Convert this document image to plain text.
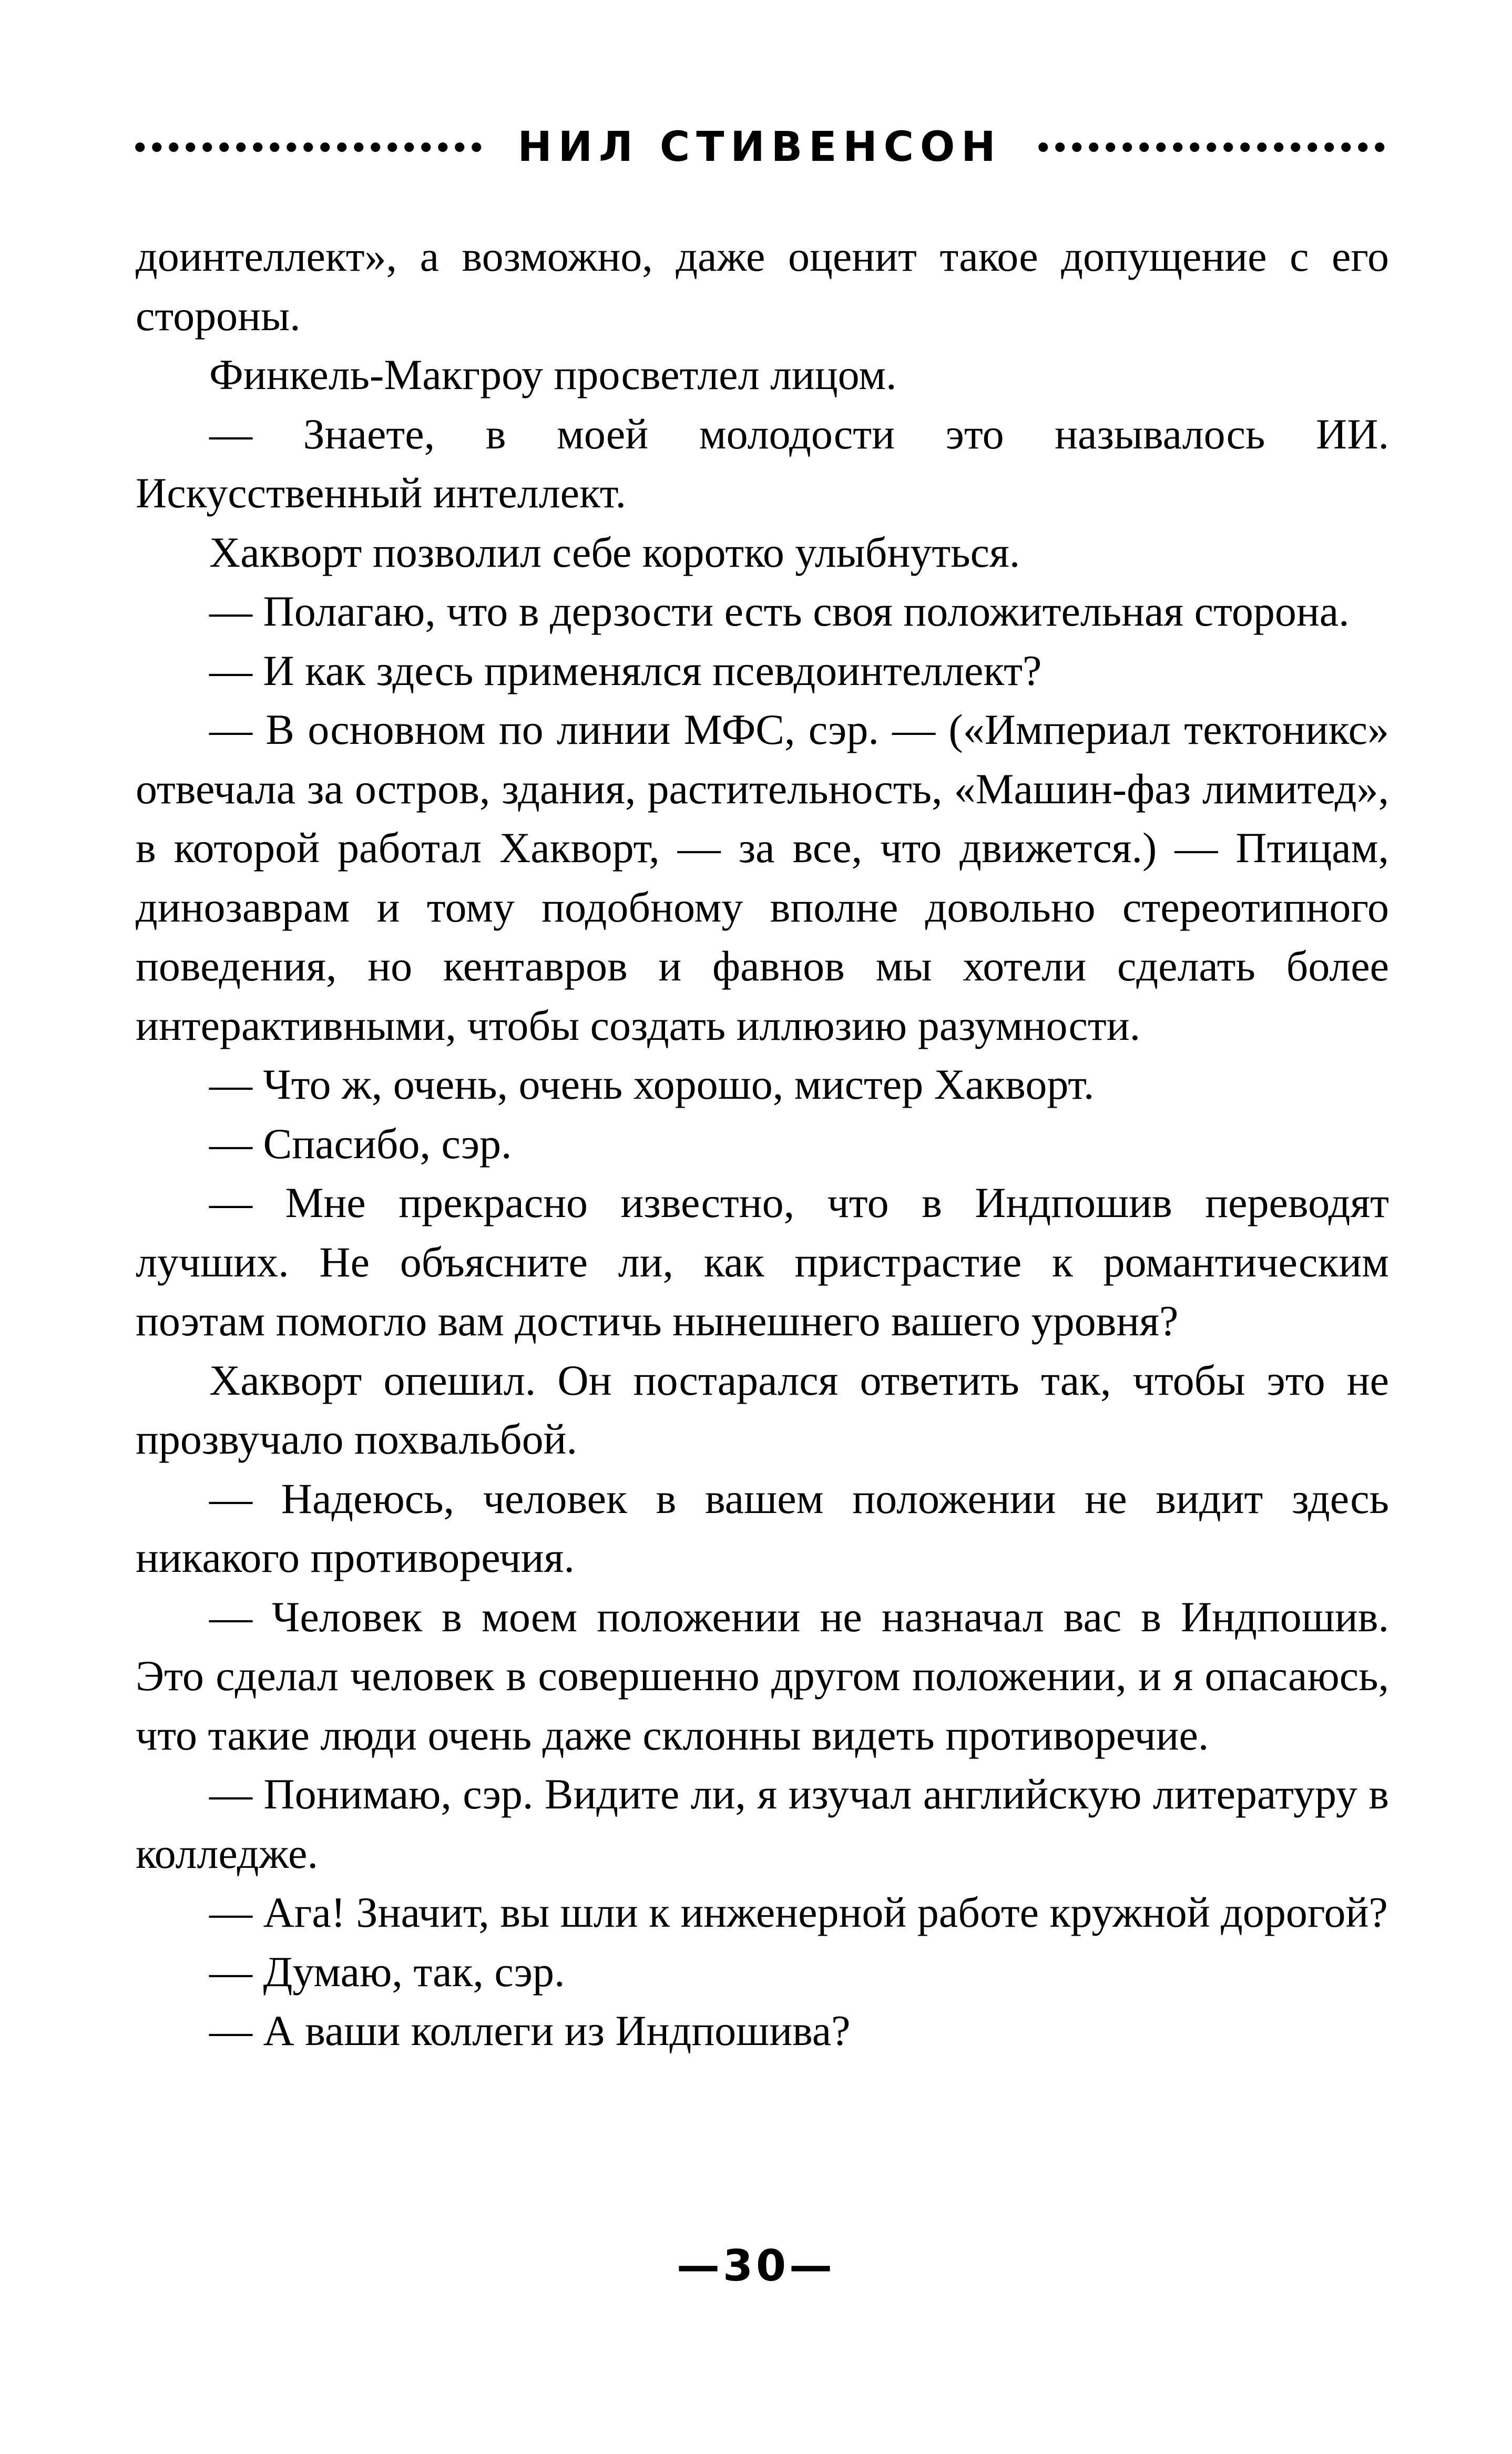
НИЛ СТИВЕНСОН

доинтеллект», а возможно, даже оценит такое допущение с его стороны.

Финкель-Макгроу просветлел лицом.

— Знаете, в моей молодости это называлось ИИ. Искусственный интеллект.

Хакворт позволил себе коротко улыбнуться.

— Полагаю, что в дерзости есть своя положительная сторона.

— И как здесь применялся псевдоинтеллект?

— В основном по линии МФС, сэр. — («Империал тектоникс» отвечала за остров, здания, растительность, «Машин-фаз лимитед», в которой работал Хакворт, — за все, что движется.) — Птицам, динозаврам и тому подобному вполне довольно стереотипного поведения, но кентавров и фавнов мы хотели сделать более интерактивными, чтобы создать иллюзию разумности.

— Что ж, очень, очень хорошо, мистер Хакворт.

— Спасибо, сэр.

— Мне прекрасно известно, что в Индпошив переводят лучших. Не объясните ли, как пристрастие к романтическим поэтам помогло вам достичь нынешнего вашего уровня?

Хакворт опешил. Он постарался ответить так, чтобы это не прозвучало похвальбой.

— Надеюсь, человек в вашем положении не видит здесь никакого противоречия.

— Человек в моем положении не назначал вас в Индпошив. Это сделал человек в совершенно другом положении, и я опасаюсь, что такие люди очень даже склонны видеть противоречие.

— Понимаю, сэр. Видите ли, я изучал английскую литературу в колледже.

— Ага! Значит, вы шли к инженерной работе кружной дорогой?

— Думаю, так, сэр.

— А ваши коллеги из Индпошива?

—30—
